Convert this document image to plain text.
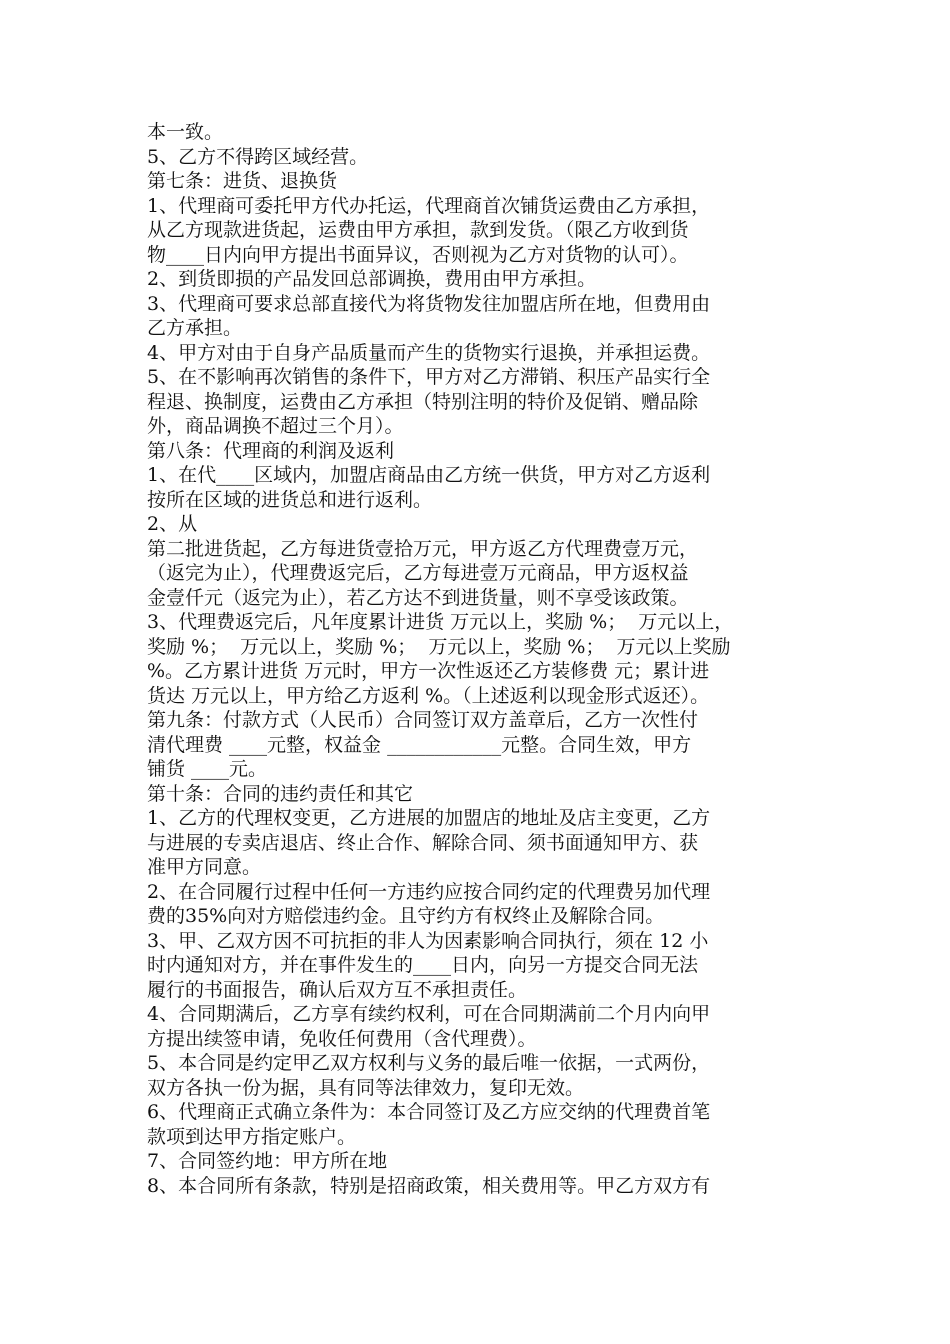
本一致。
5、乙方不得跨区域经营。
第七条：进货、退换货
1、代理商可委托甲方代办托运，代理商首次铺货运费由乙方承担，
从乙方现款进货起，运费由甲方承担，款到发货。（限乙方收到货
物____日内向甲方提出书面异议，否则视为乙方对货物的认可）。
2、到货即损的产品发回总部调换，费用由甲方承担。
3、代理商可要求总部直接代为将货物发往加盟店所在地，但费用由
乙方承担。
4、甲方对由于自身产品质量而产生的货物实行退换，并承担运费。
5、在不影响再次销售的条件下，甲方对乙方滞销、积压产品实行全
程退、换制度，运费由乙方承担（特别注明的特价及促销、赠品除
外，商品调换不超过三个月）。
第八条：代理商的利润及返利
1、在代____区域内，加盟店商品由乙方统一供货，甲方对乙方返利
按所在区域的进货总和进行返利。
2、从
第二批进货起，乙方每进货壹拾万元，甲方返乙方代理费壹万元，
（返完为止），代理费返完后，乙方每进壹万元商品，甲方返权益
金壹仟元（返完为止），若乙方达不到进货量，则不享受该政策。
3、代理费返完后，凡年度累计进货 万元以上，奖励 %；  万元以上，
奖励 %；  万元以上，奖励 %；  万元以上，奖励 %；  万元以上奖励
%。乙方累计进货 万元时，甲方一次性返还乙方装修费 元；累计进
货达 万元以上，甲方给乙方返利 %。（上述返利以现金形式返还）。
第九条：付款方式（人民币）合同签订双方盖章后，乙方一次性付
清代理费 ____元整，权益金 ____________元整。合同生效，甲方
铺货 ____元。
第十条：合同的违约责任和其它
1、乙方的代理权变更，乙方进展的加盟店的地址及店主变更，乙方
与进展的专卖店退店、终止合作、解除合同、须书面通知甲方、获
准甲方同意。
2、在合同履行过程中任何一方违约应按合同约定的代理费另加代理
费的35%向对方赔偿违约金。且守约方有权终止及解除合同。
3、甲、乙双方因不可抗拒的非人为因素影响合同执行，须在 12 小
时内通知对方，并在事件发生的____日内，向另一方提交合同无法
履行的书面报告，确认后双方互不承担责任。
4、合同期满后，乙方享有续约权利，可在合同期满前二个月内向甲
方提出续签申请，免收任何费用（含代理费）。
5、本合同是约定甲乙双方权利与义务的最后唯一依据，一式两份，
双方各执一份为据，具有同等法律效力，复印无效。
6、代理商正式确立条件为：本合同签订及乙方应交纳的代理费首笔
款项到达甲方指定账户。
7、合同签约地：甲方所在地
8、本合同所有条款，特别是招商政策，相关费用等。甲乙方双方有
